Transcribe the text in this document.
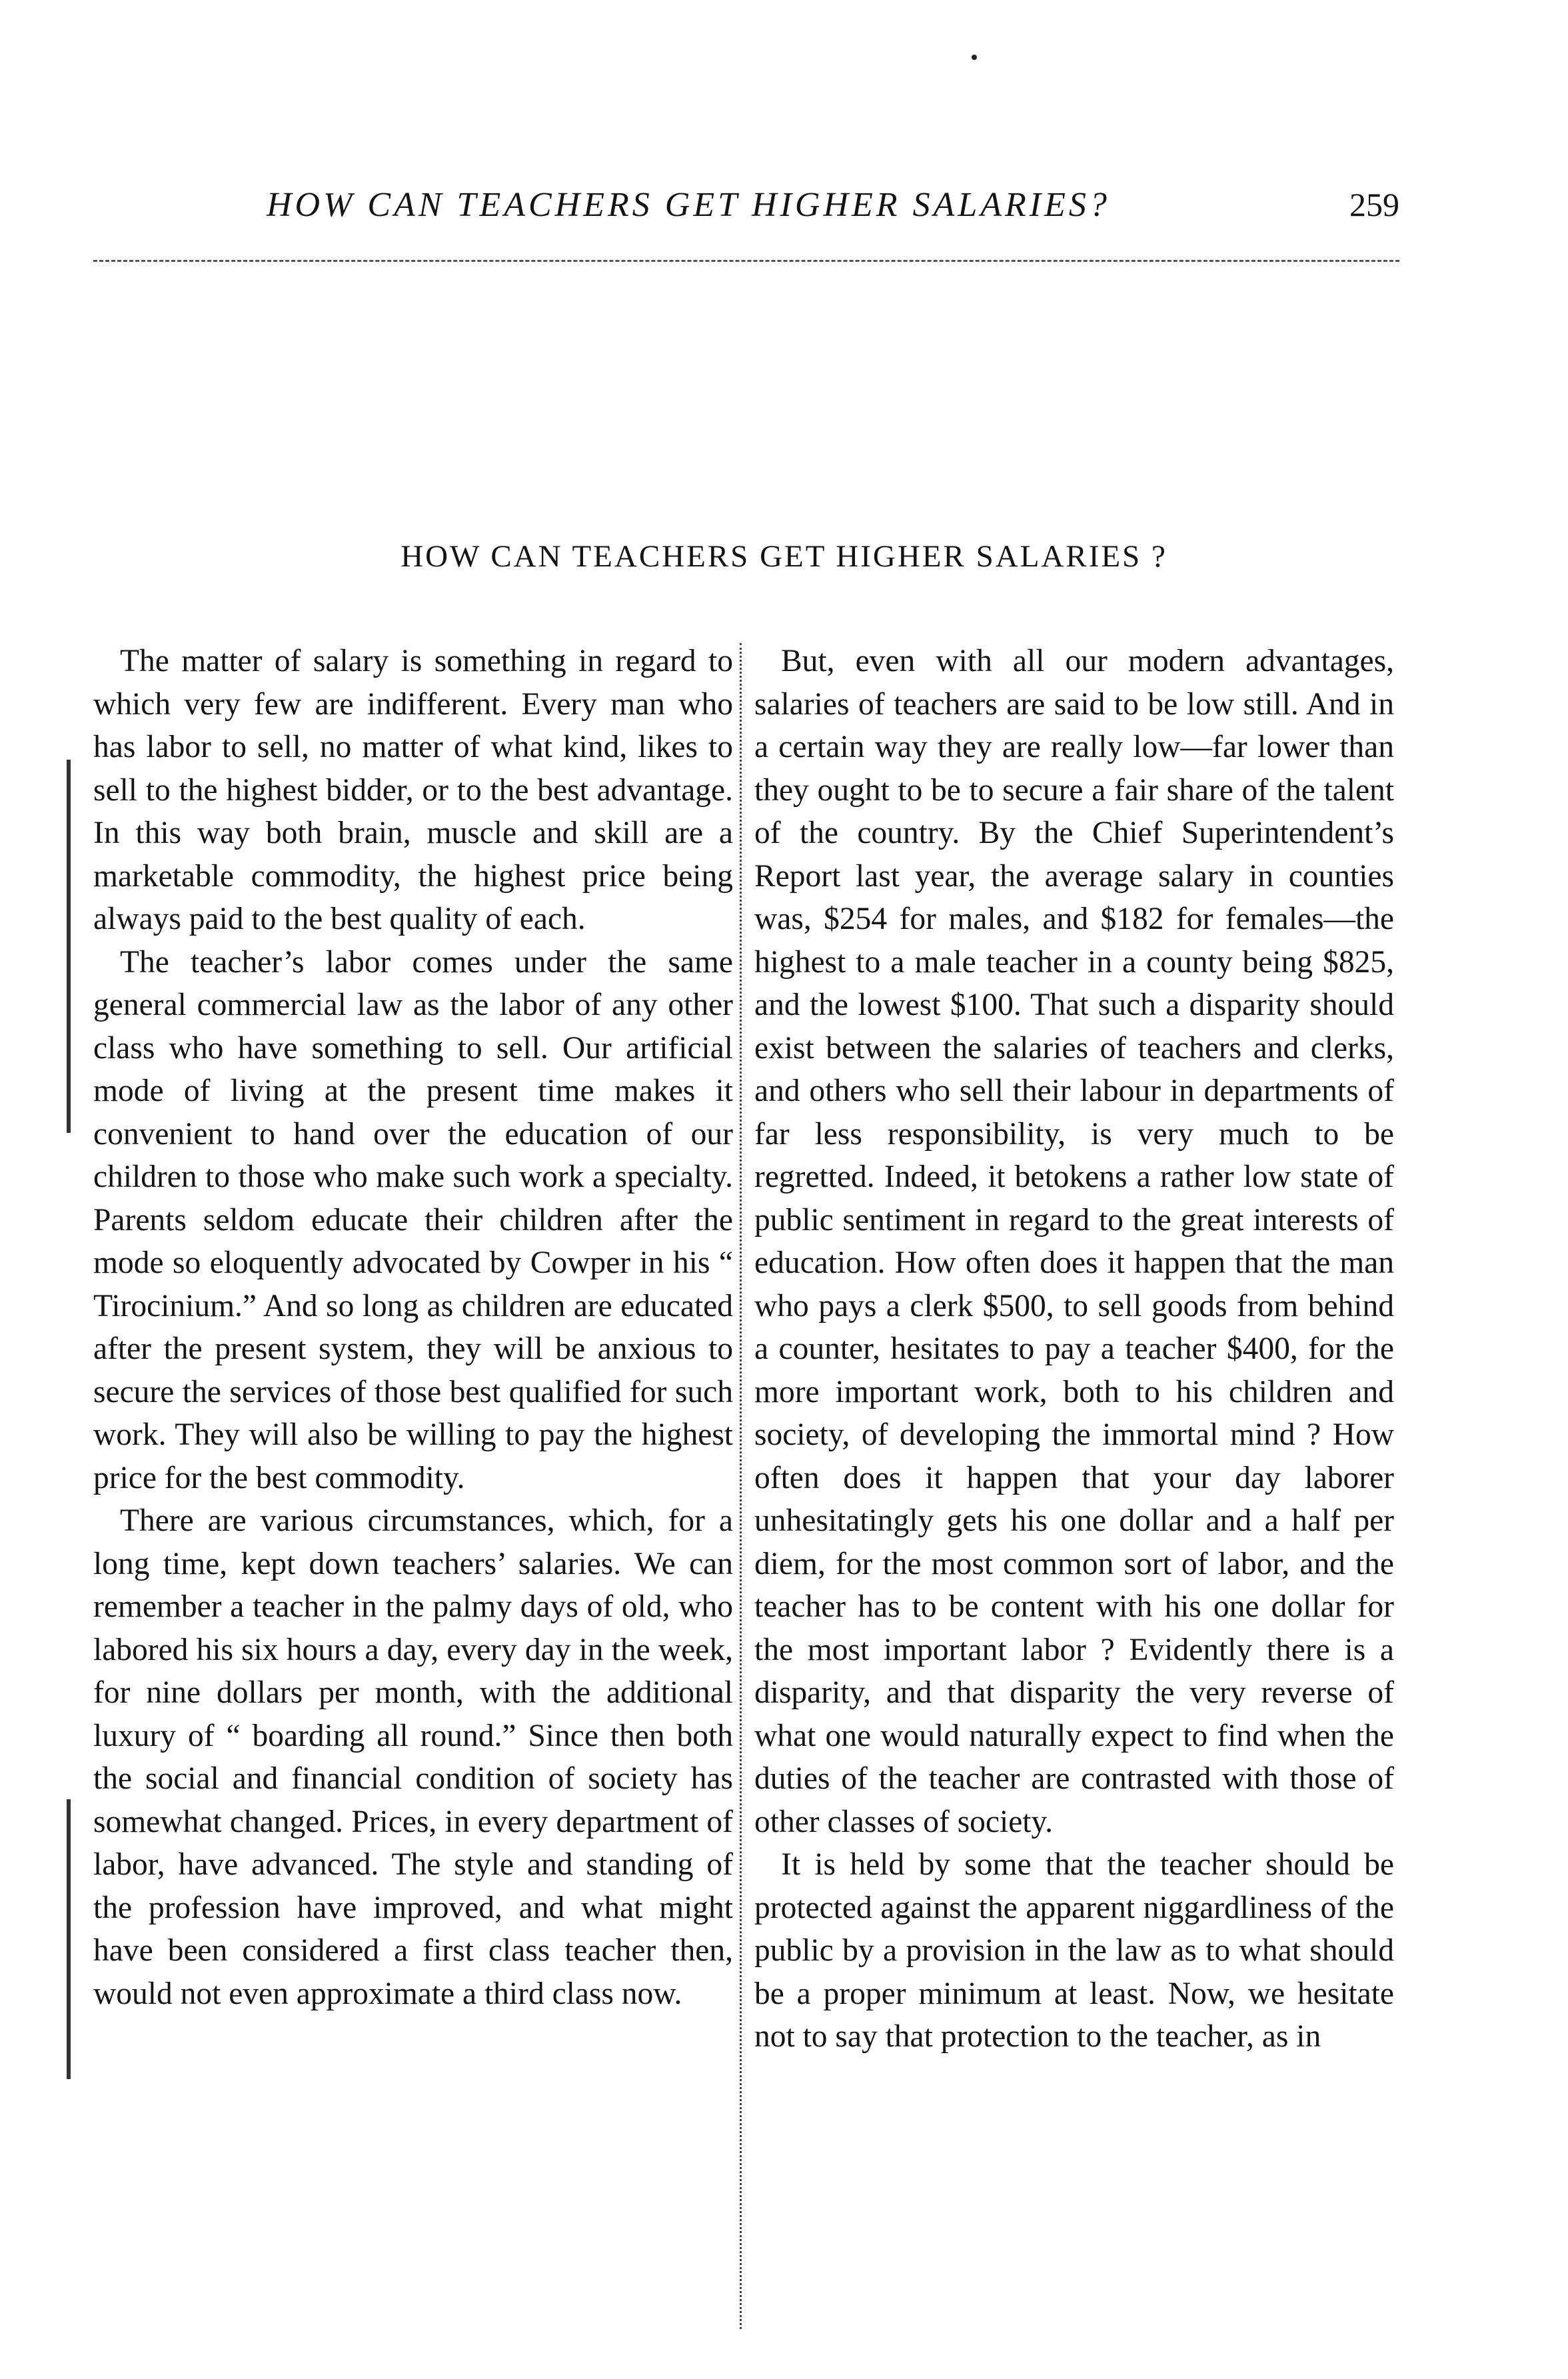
HOW CAN TEACHERS GET HIGHER SALARIES?	259
HOW CAN TEACHERS GET HIGHER SALARIES ?

The matter of salary is something in regard to which very few are indifferent. Every man who has labor to sell, no matter of what kind, likes to sell to the highest bidder, or to the best advantage. In this way both brain, muscle and skill are a marketable commodity, the highest price being always paid to the best quality of each.

The teacher’s labor comes under the same general commercial law as the labor of any other class who have something to sell. Our artificial mode of living at the present time makes it convenient to hand over the education of our children to those who make such work a specialty. Parents seldom educate their children after the mode so eloquently advocated by Cowper in his “ Tirocinium.” And so long as children are educated after the present system, they will be anxious to secure the services of those best qualified for such work. They will also be willing to pay the highest price for the best commodity.

There are various circumstances, which, for a long time, kept down teachers’ salaries. We can remember a teacher in the palmy days of old, who labored his six hours a day, every day in the week, for nine dollars per month, with the additional luxury of “ boarding all round.” Since then both the social and financial condition of society has somewhat changed. Prices, in every department of labor, have advanced. The style and standing of the profession have improved, and what might have been considered a first class teacher then, would not even approximate a third class now.

But, even with all our modern advantages, salaries of teachers are said to be low still. And in a certain way they are really low—far lower than they ought to be to secure a fair share of the talent of the country. By the Chief Superintendent’s Report last year, the average salary in counties was, $254 for males, and $182 for females—the highest to a male teacher in a county being $825, and the lowest $100. That such a disparity should exist between the salaries of teachers and clerks, and others who sell their labour in departments of far less responsibility, is very much to be regretted. Indeed, it betokens a rather low state of public sentiment in regard to the great interests of education. How often does it happen that the man who pays a clerk $500, to sell goods from behind a counter, hesitates to pay a teacher $400, for the more important work, both to his children and society, of developing the immortal mind ? How often does it happen that your day laborer unhesitatingly gets his one dollar and a half per diem, for the most common sort of labor, and the teacher has to be content with his one dollar for the most important labor ? Evidently there is a disparity, and that disparity the very reverse of what one would naturally expect to find when the duties of the teacher are contrasted with those of other classes of society.

It is held by some that the teacher should be protected against the apparent niggardliness of the public by a provision in the law as to what should be a proper minimum at least. Now, we hesitate not to say that protection to the teacher, as in
